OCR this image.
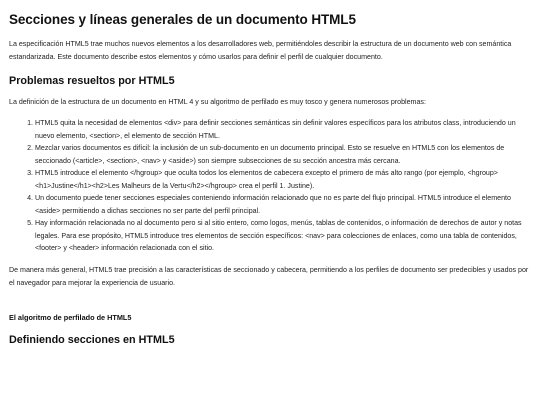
Secciones y líneas generales de un documento HTML5

La especificación HTML5 trae muchos nuevos elementos a los desarrolladores web, permitiéndoles describir la estructura de un documento web con semántica estandarizada. Este documento describe estos elementos y cómo usarlos para definir el perfil de cualquier documento.

Problemas resueltos por HTML5

La definición de la estructura de un documento en HTML 4 y su algoritmo de perfilado es muy tosco y genera numerosos problemas:

1. HTML5 quita la necesidad de elementos <div> para definir secciones semánticas sin definir valores específicos para los atributos class, introduciendo un nuevo elemento, <section>, el elemento de sección HTML.
2. Mezclar varios documentos es difícil: la inclusión de un sub-documento en un documento principal. Esto se resuelve en HTML5 con los elementos de seccionado (<article>, <section>, <nav> y <aside>) son siempre subsecciones de su sección ancestra más cercana.
3. HTML5 introduce el elemento </hgroup> que oculta todos los elementos de cabecera excepto el primero de más alto rango (por ejemplo, <hgroup><h1>Justine</h1><h2>Les Malheurs de la Vertu</h2></hgroup> crea el perfil 1. Justine).
4. Un documento puede tener secciones especiales conteniendo información relacionado que no es parte del flujo principal. HTML5 introduce el elemento <aside> permitiendo a dichas secciones no ser parte del perfil principal.
5. Hay información relacionada no al documento pero si al sitio entero, como logos, menús, tablas de contenidos, o información de derechos de autor y notas legales. Para ese propósito, HTML5 introduce tres elementos de sección específicos: <nav> para colecciones de enlaces, como una tabla de contenidos, <footer> y <header> información relacionada con el sitio.

De manera más general, HTML5 trae precisión a las características de seccionado y cabecera, permitiendo a los perfiles de documento ser predecibles y usados por el navegador para mejorar la experiencia de usuario.

El algoritmo de perfilado de HTML5
Definiendo secciones en HTML5
